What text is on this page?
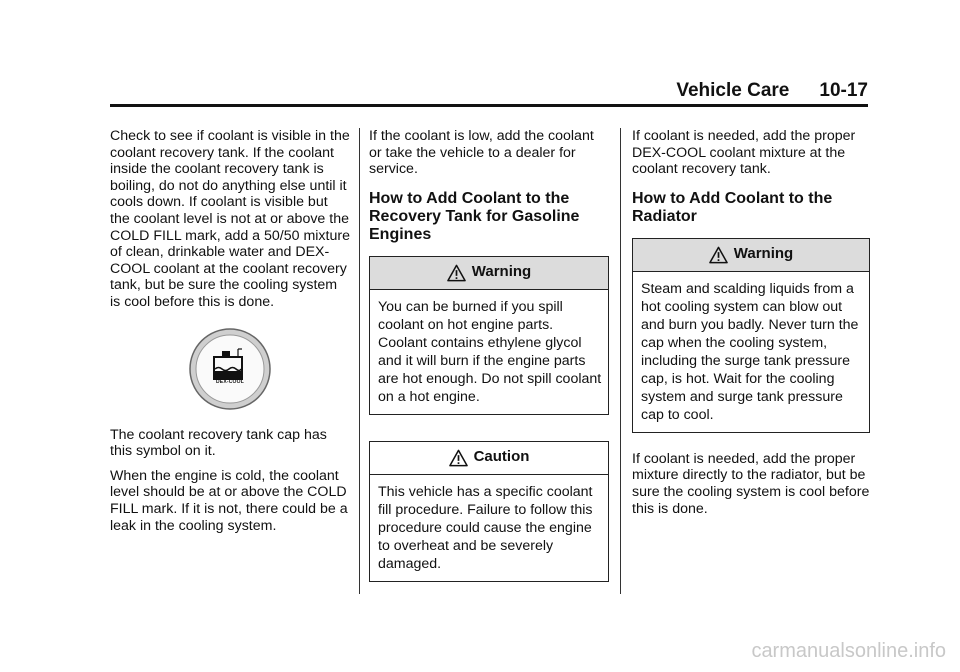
Vehicle Care 10-17

Check to see if coolant is visible in the coolant recovery tank. If the coolant inside the coolant recovery tank is boiling, do not do anything else until it cools down. If coolant is visible but the coolant level is not at or above the COLD FILL mark, add a 50/50 mixture of clean, drinkable water and DEX-COOL coolant at the coolant recovery tank, but be sure the cooling system is cool before this is done.

DEX-COOL

The coolant recovery tank cap has this symbol on it.

When the engine is cold, the coolant level should be at or above the COLD FILL mark. If it is not, there could be a leak in the cooling system.

If the coolant is low, add the coolant or take the vehicle to a dealer for service.

How to Add Coolant to the Recovery Tank for Gasoline Engines
Warning

You can be burned if you spill coolant on hot engine parts. Coolant contains ethylene glycol and it will burn if the engine parts are hot enough. Do not spill coolant on a hot engine.

Caution

This vehicle has a specific coolant fill procedure. Failure to follow this procedure could cause the engine to overheat and be severely damaged.

If coolant is needed, add the proper DEX-COOL coolant mixture at the coolant recovery tank.

How to Add Coolant to the Radiator
Warning

Steam and scalding liquids from a hot cooling system can blow out and burn you badly. Never turn the cap when the cooling system, including the surge tank pressure cap, is hot. Wait for the cooling system and surge tank pressure cap to cool.

If coolant is needed, add the proper mixture directly to the radiator, but be sure the cooling system is cool before this is done.

carmanualsonline.info
